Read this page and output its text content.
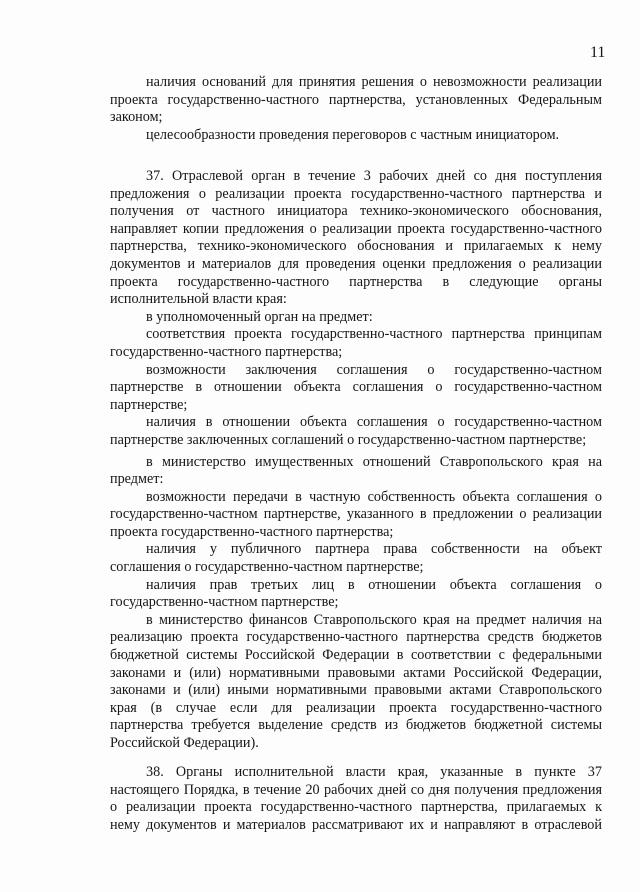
11

наличия оснований для принятия решения о невозможности реализации проекта государственно-частного партнерства, установленных Федеральным законом;

целесообразности проведения переговоров с частным инициатором.

37. Отраслевой орган в течение 3 рабочих дней со дня поступления предложения о реализации проекта государственно-частного партнерства и получения от частного инициатора технико-экономического обоснования, направляет копии предложения о реализации проекта государственно-частного партнерства, технико-экономического обоснования и прилагаемых к нему документов и материалов для проведения оценки предложения о реализации проекта государственно-частного партнерства в следующие органы исполнительной власти края:

в уполномоченный орган на предмет:

соответствия проекта государственно-частного партнерства принципам государственно-частного партнерства;

возможности заключения соглашения о государственно-частном партнерстве в отношении объекта соглашения о государственно-частном партнерстве;

наличия в отношении объекта соглашения о государственно-частном партнерстве заключенных соглашений о государственно-частном партнерстве;

в министерство имущественных отношений Ставропольского края на предмет:

возможности передачи в частную собственность объекта соглашения о государственно-частном партнерстве, указанного в предложении о реализации проекта государственно-частного партнерства;

наличия у публичного партнера права собственности на объект соглашения о государственно-частном партнерстве;

наличия прав третьих лиц в отношении объекта соглашения о государственно-частном партнерстве;

в министерство финансов Ставропольского края на предмет наличия на реализацию проекта государственно-частного партнерства средств бюджетов бюджетной системы Российской Федерации в соответствии с федеральными законами и (или) нормативными правовыми актами Российской Федерации, законами и (или) иными нормативными правовыми актами Ставропольского края (в случае если для реализации проекта государственно-частного партнерства требуется выделение средств из бюджетов бюджетной системы Российской Федерации).

38. Органы исполнительной власти края, указанные в пункте 37 настоящего Порядка, в течение 20 рабочих дней со дня получения предложения о реализации проекта государственно-частного партнерства, прилагаемых к нему документов и материалов рассматривают их и направляют в отраслевой
